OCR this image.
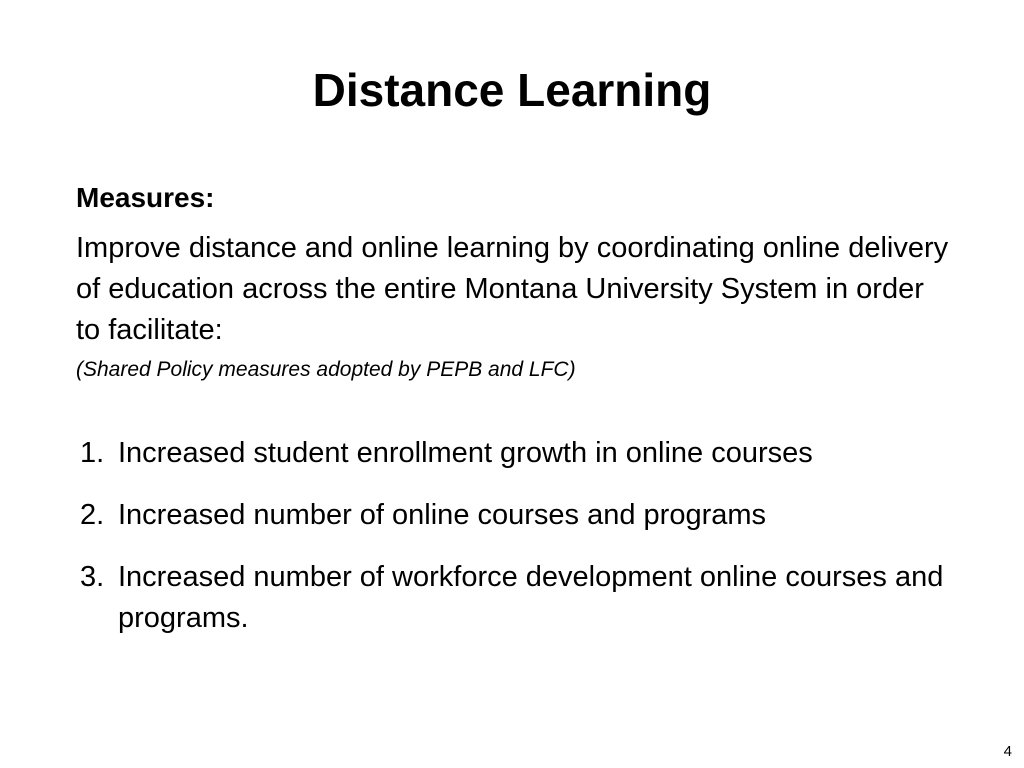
Distance Learning
Measures:

Improve distance and online learning by coordinating online delivery of education across the entire Montana University System in order to facilitate:

(Shared Policy measures adopted by PEPB and LFC)
1. Increased student enrollment growth in online courses
2. Increased number of online courses and programs
3. Increased number of workforce development online courses and programs.
4
